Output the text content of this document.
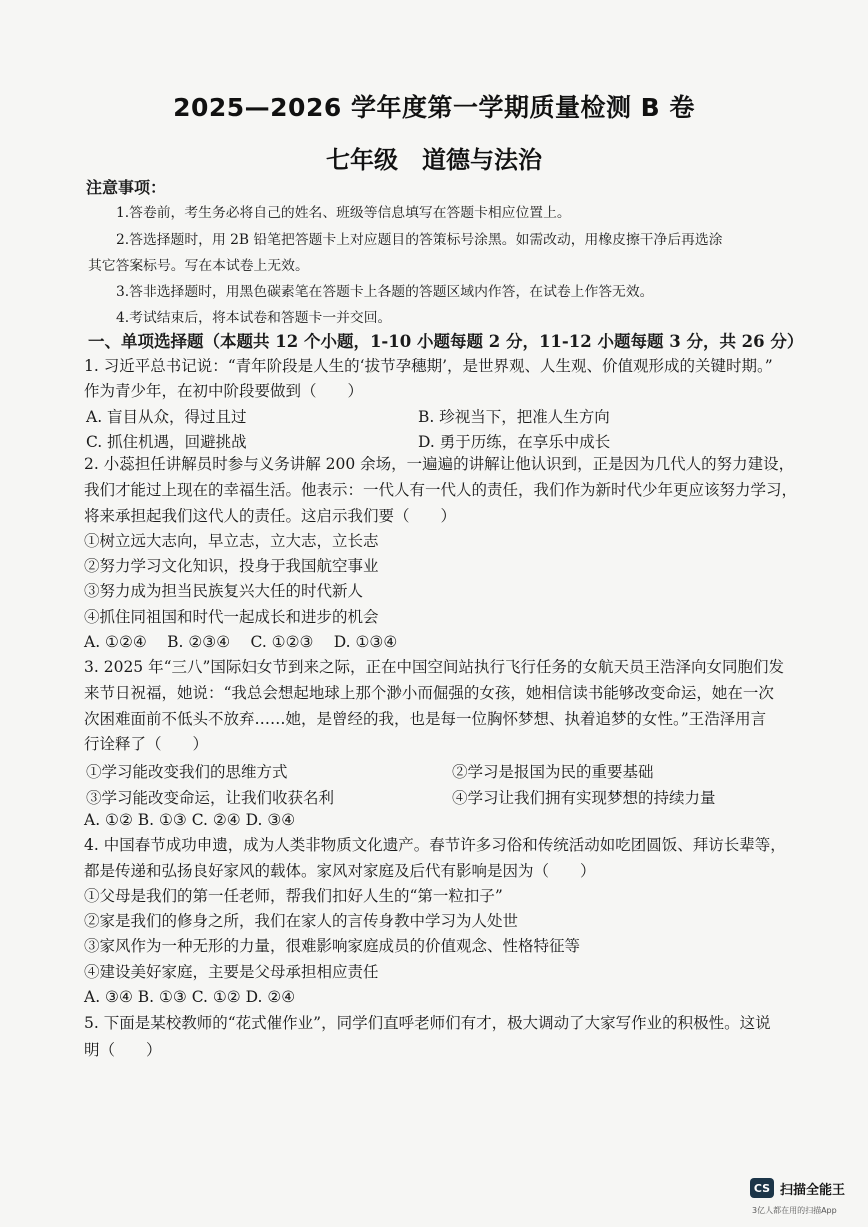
2025—2026 学年度第一学期质量检测 B 卷
七年级　道德与法治
注意事项：
1.答卷前，考生务必将自己的姓名、班级等信息填写在答题卡相应位置上。
2.答选择题时，用 2B 铅笔把答题卡上对应题目的答策标号涂黑。如需改动，用橡皮擦干净后再选涂
其它答案标号。写在本试卷上无效。
3.答非选择题时，用黑色碳素笔在答题卡上各题的答题区域内作答，在试卷上作答无效。
4.考试结束后，将本试卷和答题卡一并交回。
一、单项选择题（本题共 12 个小题，1-10 小题每题 2 分，11-12 小题每题 3 分，共 26 分）
1. 习近平总书记说：“青年阶段是人生的‘拔节孕穗期’，是世界观、人生观、价值观形成的关键时期。”
作为青少年，在初中阶段要做到（　　）
A. 盲目从众，得过且过	B. 珍视当下，把准人生方向
C. 抓住机遇，回避挑战	D. 勇于历练，在享乐中成长
2. 小蕊担任讲解员时参与义务讲解 200 余场，一遍遍的讲解让他认识到，正是因为几代人的努力建设，
我们才能过上现在的幸福生活。他表示：一代人有一代人的责任，我们作为新时代少年更应该努力学习，
将来承担起我们这代人的责任。这启示我们要（　　）
①树立远大志向，早立志，立大志，立长志
②努力学习文化知识，投身于我国航空事业
③努力成为担当民族复兴大任的时代新人
④抓住同祖国和时代一起成长和进步的机会
A. ①②④　 B. ②③④　 C. ①②③　 D. ①③④
3. 2025 年“三八”国际妇女节到来之际，正在中国空间站执行飞行任务的女航天员王浩泽向女同胞们发
来节日祝福，她说：“我总会想起地球上那个渺小而倔强的女孩，她相信读书能够改变命运，她在一次
次困难面前不低头不放弃……她，是曾经的我，也是每一位胸怀梦想、执着追梦的女性。”王浩泽用言
行诠释了（　　）
①学习能改变我们的思维方式	②学习是报国为民的重要基础
③学习能改变命运，让我们收获名利	④学习让我们拥有实现梦想的持续力量
A. ①② B. ①③ C. ②④ D. ③④
4. 中国春节成功申遗，成为人类非物质文化遗产。春节许多习俗和传统活动如吃团圆饭、拜访长辈等，
都是传递和弘扬良好家风的载体。家风对家庭及后代有影响是因为（　　）
①父母是我们的第一任老师，帮我们扣好人生的“第一粒扣子”
②家是我们的修身之所，我们在家人的言传身教中学习为人处世
③家风作为一种无形的力量，很难影响家庭成员的价值观念、性格特征等
④建设美好家庭，主要是父母承担相应责任
A. ③④ B. ①③ C. ①② D. ②④
5. 下面是某校教师的“花式催作业”，同学们直呼老师们有才，极大调动了大家写作业的积极性。这说
明（　　）
CS 扫描全能王
3亿人都在用的扫描App
